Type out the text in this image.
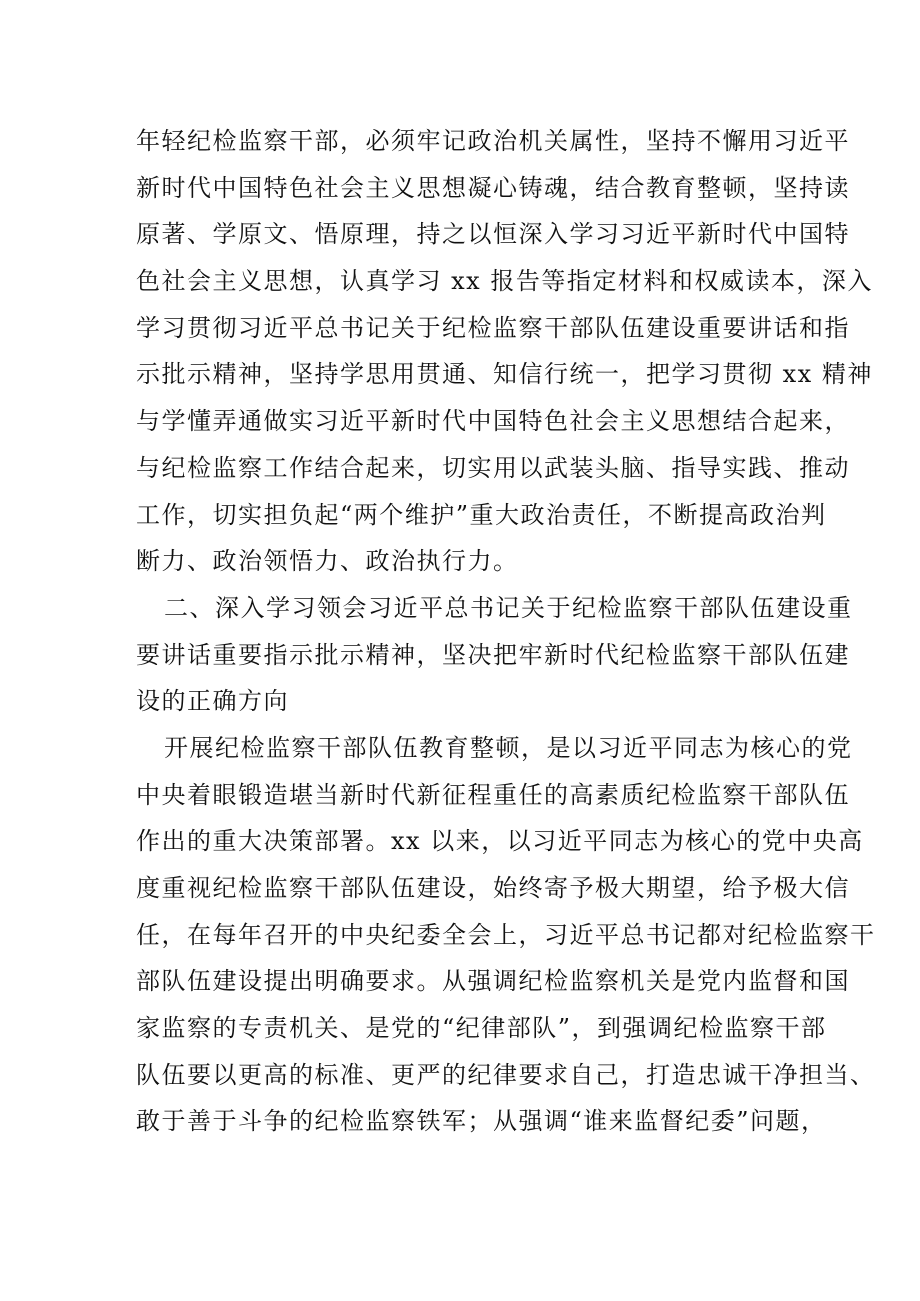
年轻纪检监察干部，必须牢记政治机关属性，坚持不懈用习近平
新时代中国特色社会主义思想凝心铸魂，结合教育整顿，坚持读
原著、学原文、悟原理，持之以恒深入学习习近平新时代中国特
色社会主义思想，认真学习 xx 报告等指定材料和权威读本，深入
学习贯彻习近平总书记关于纪检监察干部队伍建设重要讲话和指
示批示精神，坚持学思用贯通、知信行统一，把学习贯彻 xx 精神
与学懂弄通做实习近平新时代中国特色社会主义思想结合起来，
与纪检监察工作结合起来，切实用以武装头脑、指导实践、推动
工作，切实担负起“两个维护”重大政治责任，不断提高政治判
断力、政治领悟力、政治执行力。
二、深入学习领会习近平总书记关于纪检监察干部队伍建设重
要讲话重要指示批示精神，坚决把牢新时代纪检监察干部队伍建
设的正确方向
开展纪检监察干部队伍教育整顿，是以习近平同志为核心的党
中央着眼锻造堪当新时代新征程重任的高素质纪检监察干部队伍
作出的重大决策部署。xx 以来，以习近平同志为核心的党中央高
度重视纪检监察干部队伍建设，始终寄予极大期望，给予极大信
任，在每年召开的中央纪委全会上，习近平总书记都对纪检监察干
部队伍建设提出明确要求。从强调纪检监察机关是党内监督和国
家监察的专责机关、是党的“纪律部队”，到强调纪检监察干部
队伍要以更高的标准、更严的纪律要求自己，打造忠诚干净担当、
敢于善于斗争的纪检监察铁军；从强调“谁来监督纪委”问题，
